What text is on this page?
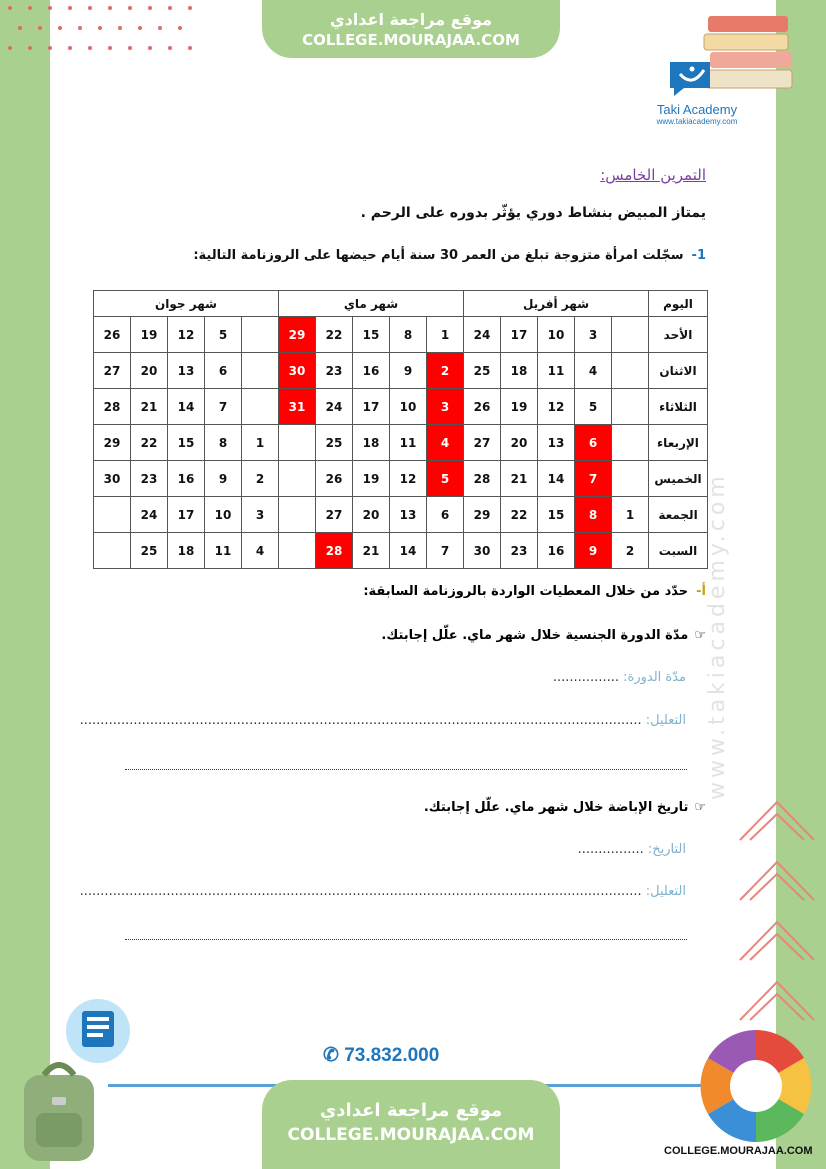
موقع مراجعة اعدادي
COLLEGE.MOURAJAA.COM
Taki Academy
www.takiacademy.com
التمرين الخامس:
يمتاز المبيض بنشاط دوري يؤثّر بدوره على الرحم .
1-سجّلت امرأة متزوجة تبلغ من العمر 30 سنة أيام حيضها على الروزنامة التالية:
اليوم	شهر أفريل					شهر ماي					شهر جوان				
الأحد		3	10	17	24	1	8	15	22	29		5	12	19	26
الاثنان		4	11	18	25	2	9	16	23	30		6	13	20	27
الثلاثاء		5	12	19	26	3	10	17	24	31		7	14	21	28
الإربعاء		6	13	20	27	4	11	18	25		1	8	15	22	29
الخميس		7	14	21	28	5	12	19	26		2	9	16	23	30
الجمعة	1	8	15	22	29	6	13	20	27		3	10	17	24	
السبت	2	9	16	23	30	7	14	21	28		4	11	18	25	
أ-حدّد من خلال المعطيات الواردة بالروزنامة السابقة:
☞مدّة الدورة الجنسية خلال شهر ماي. علّل إجابتك.
مدّة الدورة: ................
التعليل: ........................................................................................................................................
☞تاريخ الإباضة خلال شهر ماي. علّل إجابتك.
التاريخ: ................
التعليل: ........................................................................................................................................
www.takiacademy.com
✆ 73.832.000
موقع مراجعة اعدادي
COLLEGE.MOURAJAA.COM
COLLEGE.MOURAJAA.COM
